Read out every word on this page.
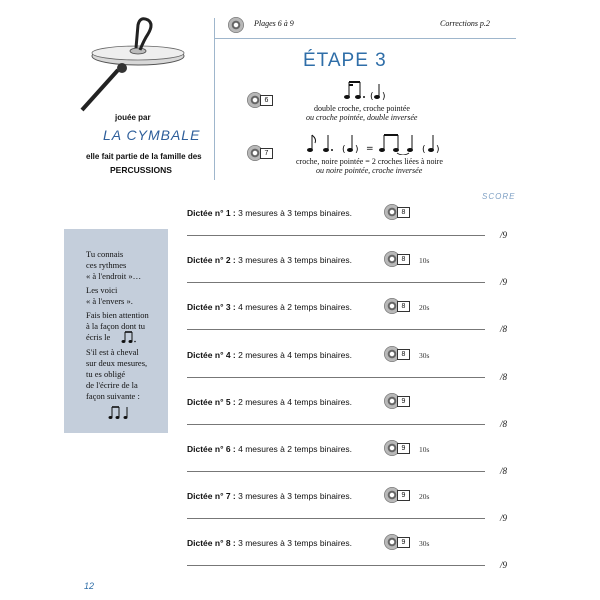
Plages 6 à 9	Corrections p.2
jouée par
LA CYMBALE
elle fait partie de la famille des
PERCUSSIONS
ÉTAPE 3
6	( )
double croche, croche pointée
ou croche pointée, double inversée
7	( ) =	( )
croche, noire pointée = 2 croches liées à noire
ou noire pointée, croche inversée
SCORE

Tu connais

ces rythmes

« à l'endroit »…

Les voici

« à l'envers ».

Fais bien attention

à la façon dont tu

écris le

S'il est à cheval

sur deux mesures,

tu es obligé

de l'écrire de la

façon suivante :

Dictée n° 1 : 3 mesures à 3 temps binaires.	8
/9
Dictée n° 2 : 3 mesures à 3 temps binaires.	8	10s
/9
Dictée n° 3 : 4 mesures à 2 temps binaires.	8	20s
/8
Dictée n° 4 : 2 mesures à 4 temps binaires.	8	30s
/8
Dictée n° 5 : 2 mesures à 4 temps binaires.	9
/8
Dictée n° 6 : 4 mesures à 2 temps binaires.	9	10s
/8
Dictée n° 7 : 3 mesures à 3 temps binaires.	9	20s
/9
Dictée n° 8 : 3 mesures à 3 temps binaires.	9	30s
/9
12
